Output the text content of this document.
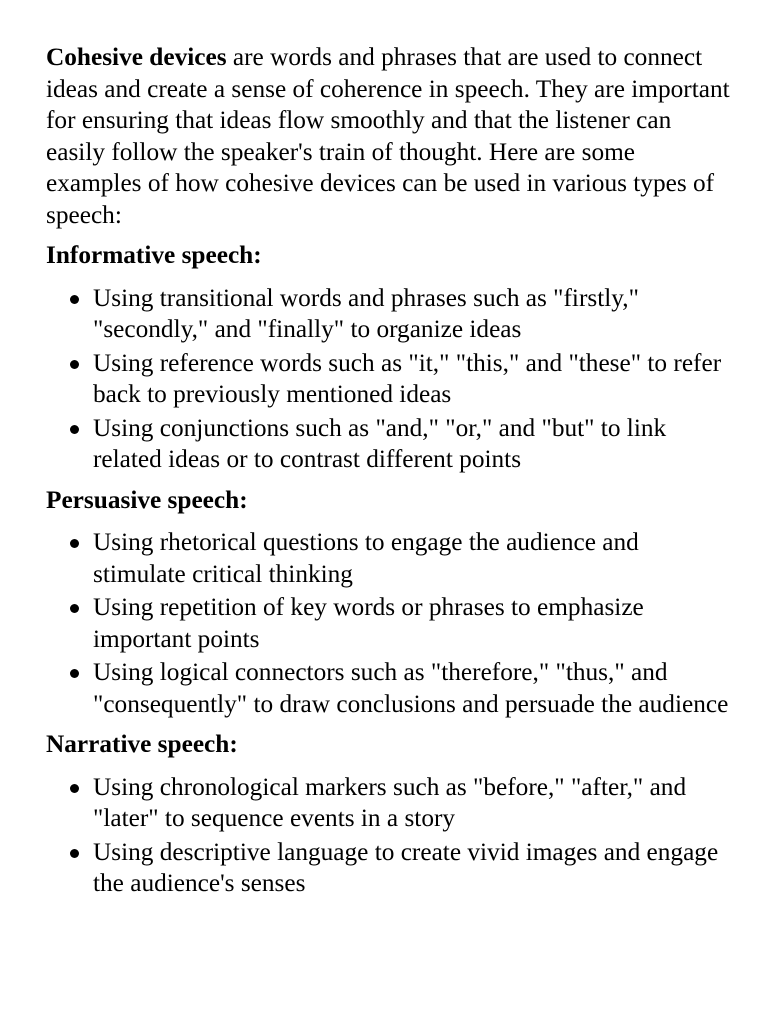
Cohesive devices are words and phrases that are used to connect ideas and create a sense of coherence in speech. They are important for ensuring that ideas flow smoothly and that the listener can easily follow the speaker's train of thought. Here are some examples of how cohesive devices can be used in various types of speech:

Informative speech:
Using transitional words and phrases such as "firstly," "secondly," and "finally" to organize ideas
Using reference words such as "it," "this," and "these" to refer back to previously mentioned ideas
Using conjunctions such as "and," "or," and "but" to link related ideas or to contrast different points
Persuasive speech:
Using rhetorical questions to engage the audience and stimulate critical thinking
Using repetition of key words or phrases to emphasize important points
Using logical connectors such as "therefore," "thus," and "consequently" to draw conclusions and persuade the audience
Narrative speech:
Using chronological markers such as "before," "after," and "later" to sequence events in a story
Using descriptive language to create vivid images and engage the audience's senses
